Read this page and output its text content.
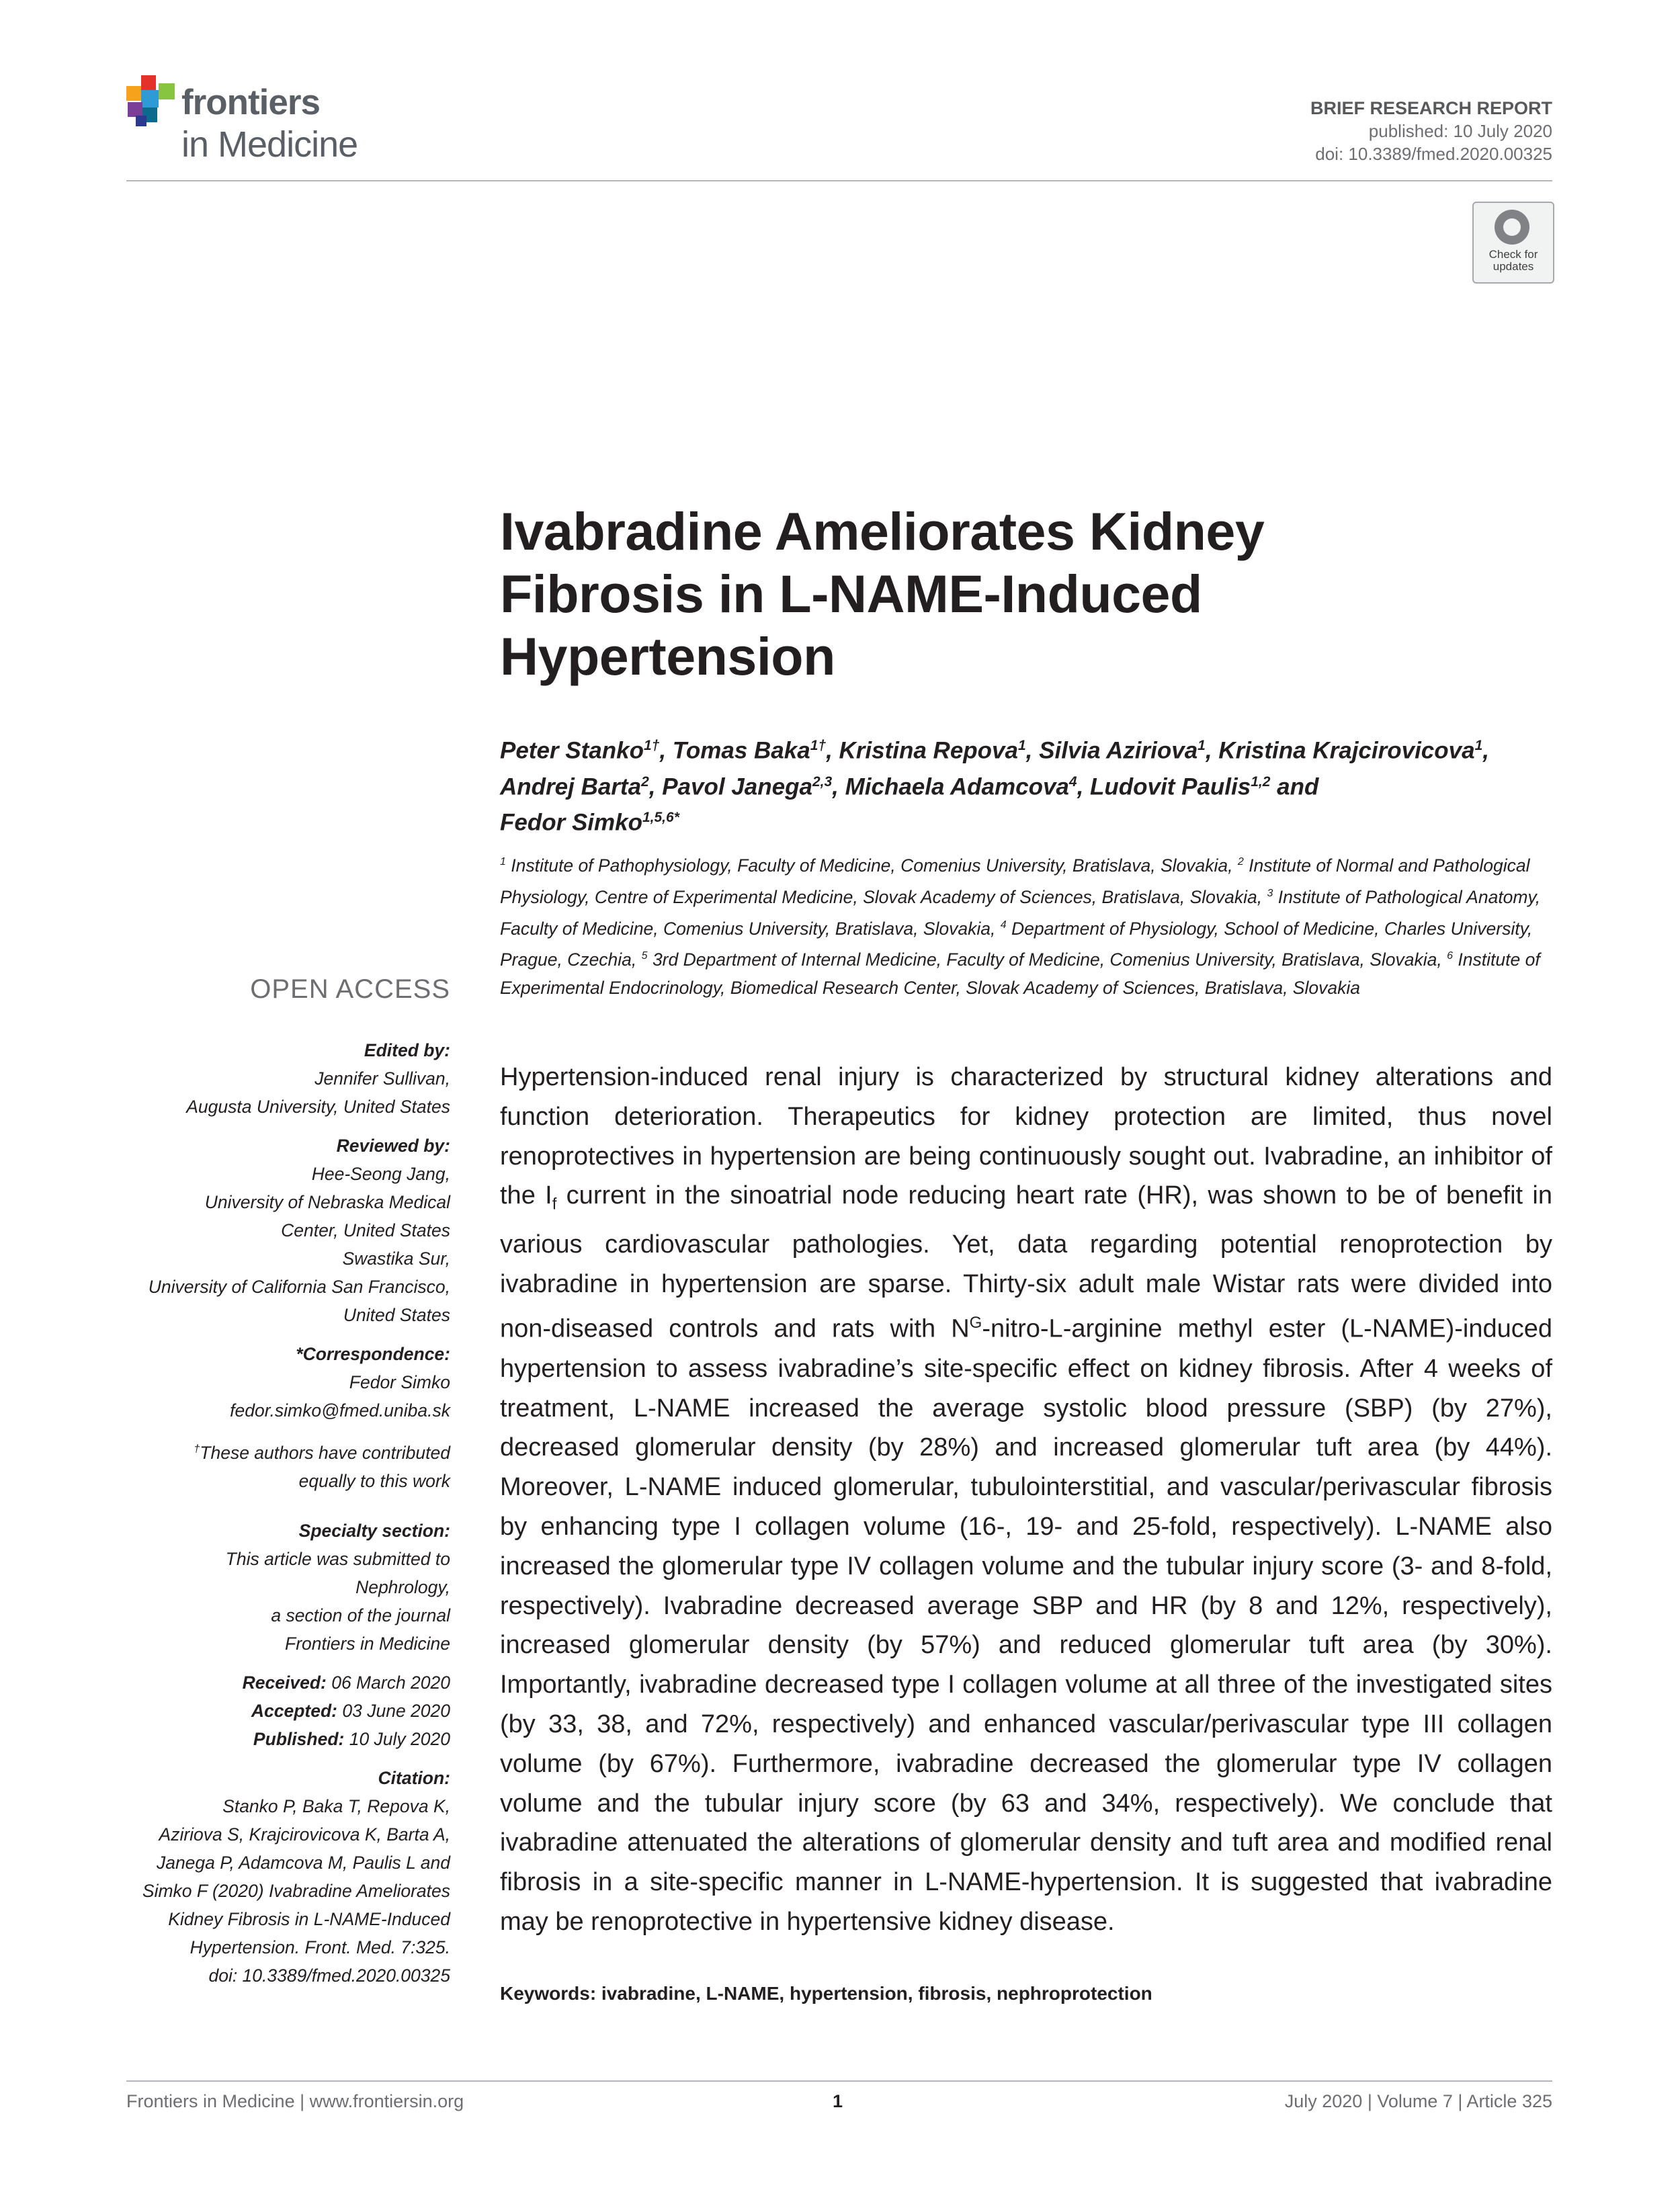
frontiers
in Medicine
BRIEF RESEARCH REPORT
published: 10 July 2020
doi: 10.3389/fmed.2020.00325
Check for updates
Ivabradine Ameliorates Kidney
Fibrosis in L-NAME-Induced
Hypertension
Peter Stanko$^{1\dagger}$, Tomas Baka$^{1\dagger}$, Kristina Repova$^1$, Silvia Aziriova$^1$, Kristina Krajcirovicova$^1$,
Andrej Barta$^2$, Pavol Janega$^{2,3}$, Michaela Adamcova$^4$, Ludovit Paulis$^{1,2}$ and
Fedor Simko$^{1,5,6*}$
$^1$ Institute of Pathophysiology, Faculty of Medicine, Comenius University, Bratislava, Slovakia, $^2$ Institute of Normal and Pathological Physiology, Centre of Experimental Medicine, Slovak Academy of Sciences, Bratislava, Slovakia, $^3$ Institute of Pathological Anatomy, Faculty of Medicine, Comenius University, Bratislava, Slovakia, $^4$ Department of Physiology, School of Medicine, Charles University, Prague, Czechia, $^5$ 3rd Department of Internal Medicine, Faculty of Medicine, Comenius University, Bratislava, Slovakia, $^6$ Institute of Experimental Endocrinology, Biomedical Research Center, Slovak Academy of Sciences, Bratislava, Slovakia
OPEN ACCESS
Edited by:
Jennifer Sullivan,
Augusta University, United States
Reviewed by:
Hee-Seong Jang,
University of Nebraska Medical
Center, United States
Swastika Sur,
University of California San Francisco,
United States
*Correspondence:
Fedor Simko
fedor.simko@fmed.uniba.sk
†These authors have contributed
equally to this work
Specialty section:
This article was submitted to
Nephrology,
a section of the journal
Frontiers in Medicine
Received: 06 March 2020
Accepted: 03 June 2020
Published: 10 July 2020
Citation:
Stanko P, Baka T, Repova K,
Aziriova S, Krajcirovicova K, Barta A,
Janega P, Adamcova M, Paulis L and
Simko F (2020) Ivabradine Ameliorates
Kidney Fibrosis in L-NAME-Induced
Hypertension. Front. Med. 7:325.
doi: 10.3389/fmed.2020.00325
Hypertension-induced renal injury is characterized by structural kidney alterations and function deterioration. Therapeutics for kidney protection are limited, thus novel renoprotectives in hypertension are being continuously sought out. Ivabradine, an inhibitor of the $I_f$ current in the sinoatrial node reducing heart rate (HR), was shown to be of benefit in various cardiovascular pathologies. Yet, data regarding potential renoprotection by ivabradine in hypertension are sparse. Thirty-six adult male Wistar rats were divided into non-diseased controls and rats with $N^G-nitro-L$-arginine methyl ester (L-NAME)-induced hypertension to assess ivabradine’s site-specific effect on kidney fibrosis. After 4 weeks of treatment, L-NAME increased the average systolic blood pressure (SBP) (by 27%), decreased glomerular density (by 28%) and increased glomerular tuft area (by 44%). Moreover, L-NAME induced glomerular, tubulointerstitial, and vascular/perivascular fibrosis by enhancing type I collagen volume (16-, 19- and 25-fold, respectively). L-NAME also increased the glomerular type IV collagen volume and the tubular injury score (3- and 8-fold, respectively). Ivabradine decreased average SBP and HR (by 8 and 12%, respectively), increased glomerular density (by 57%) and reduced glomerular tuft area (by 30%). Importantly, ivabradine decreased type I collagen volume at all three of the investigated sites (by 33, 38, and 72%, respectively) and enhanced vascular/perivascular type III collagen volume (by 67%). Furthermore, ivabradine decreased the glomerular type IV collagen volume and the tubular injury score (by 63 and 34%, respectively). We conclude that ivabradine attenuated the alterations of glomerular density and tuft area and modified renal fibrosis in a site-specific manner in L-NAME-hypertension. It is suggested that ivabradine may be renoprotective in hypertensive kidney disease.
Keywords: ivabradine, L-NAME, hypertension, fibrosis, nephroprotection
Frontiers in Medicine | www.frontiersin.org	1	July 2020 | Volume 7 | Article 325
